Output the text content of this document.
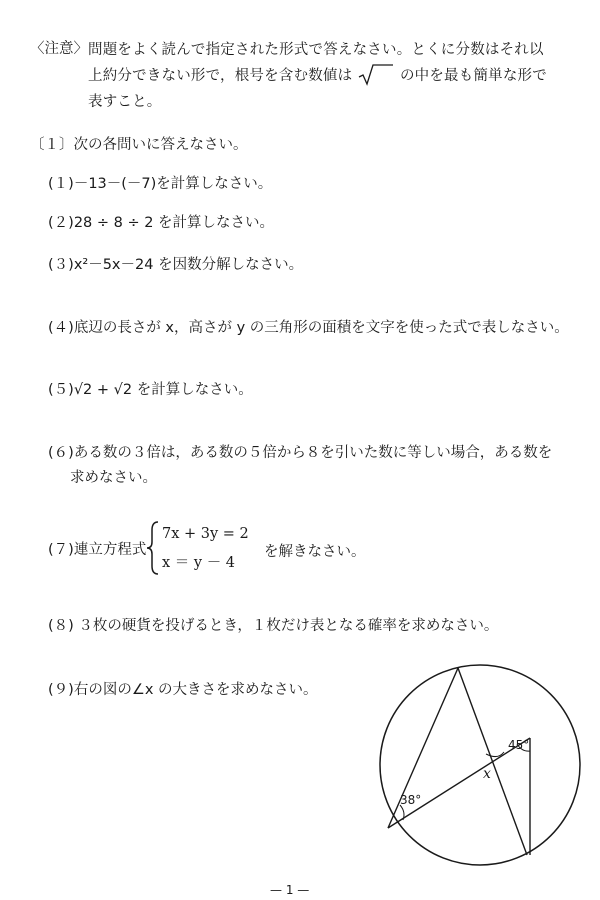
〈注意〉 問題をよく読んで指定された形式で答えなさい。とくに分数はそれ以
上約分できない形で，根号を含む数値は	の中を最も簡単な形で
表すこと。
〔１〕次の各問いに答えなさい。
(１)－13－(－7)を計算しなさい。
(２)28 ÷ 8 ÷ 2 を計算しなさい。
(３)x²－5x－24 を因数分解しなさい。
(４)底辺の長さが x，高さが y の三角形の面積を文字を使った式で表しなさい。
(５)√2 + √2 を計算しなさい。
(６)ある数の３倍は，ある数の５倍から８を引いた数に等しい場合，ある数を
求めなさい。
(７)連立方程式
7x + 3y = 2
x ＝ y － 4
を解きなさい。
(８) ３枚の硬貨を投げるとき，１枚だけ表となる確率を求めなさい。
(９)右の図の∠x の大きさを求めなさい。
45°
38°
x
— 1 —
